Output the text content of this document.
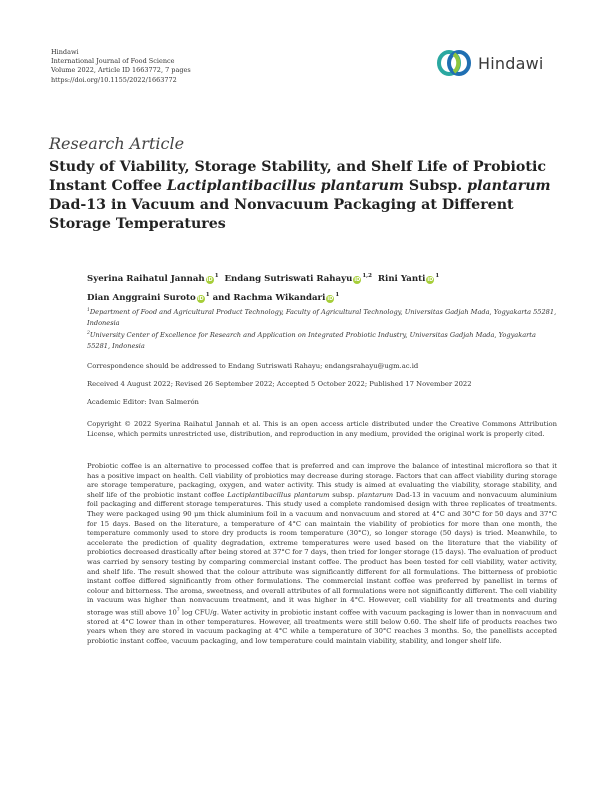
Hindawi
International Journal of Food Science
Volume 2022, Article ID 1663772, 7 pages
https://doi.org/10.1155/2022/1663772
Hindawi
Research Article
Study of Viability, Storage Stability, and Shelf Life of Probiotic Instant Coffee Lactiplantibacillus plantarum Subsp. plantarum Dad-13 in Vacuum and Nonvacuum Packaging at Different Storage Temperatures
Syerina Raihatul Jannah iD$^1$ Endang Sutriswati Rahayu iD$^{1,2}$ Rini Yanti iD$^1$
Dian Anggraini Suroto iD$^1$ and Rachma Wikandari iD$^1$
$^1$Department of Food and Agricultural Product Technology, Faculty of Agricultural Technology, Universitas Gadjah Mada, Yogyakarta 55281, Indonesia
$^2$University Center of Excellence for Research and Application on Integrated Probiotic Industry, Universitas Gadjah Mada, Yogyakarta 55281, Indonesia
Correspondence should be addressed to Endang Sutriswati Rahayu; endangsrahayu@ugm.ac.id
Received 4 August 2022; Revised 26 September 2022; Accepted 5 October 2022; Published 17 November 2022
Academic Editor: Ivan Salmerón
Copyright © 2022 Syerina Raihatul Jannah et al. This is an open access article distributed under the Creative Commons Attribution License, which permits unrestricted use, distribution, and reproduction in any medium, provided the original work is properly cited.
Probiotic coffee is an alternative to processed coffee that is preferred and can improve the balance of intestinal microflora so that it has a positive impact on health. Cell viability of probiotics may decrease during storage. Factors that can affect viability during storage are storage temperature, packaging, oxygen, and water activity. This study is aimed at evaluating the viability, storage stability, and shelf life of the probiotic instant coffee Lactiplantibacillus plantarum subsp. plantarum Dad-13 in vacuum and nonvacuum aluminium foil packaging and different storage temperatures. This study used a complete randomised design with three replicates of treatments. They were packaged using 90 μm thick aluminium foil in a vacuum and nonvacuum and stored at 4°C and 30°C for 50 days and 37°C for 15 days. Based on the literature, a temperature of 4°C can maintain the viability of probiotics for more than one month, the temperature commonly used to store dry products is room temperature (30°C), so longer storage (50 days) is tried. Meanwhile, to accelerate the prediction of quality degradation, extreme temperatures were used based on the literature that the viability of probiotics decreased drastically after being stored at 37°C for 7 days, then tried for longer storage (15 days). The evaluation of product was carried by sensory testing by comparing commercial instant coffee. The product has been tested for cell viability, water activity, and shelf life. The result showed that the colour attribute was significantly different for all formulations. The bitterness of probiotic instant coffee differed significantly from other formulations. The commercial instant coffee was preferred by panellist in terms of colour and bitterness. The aroma, sweetness, and overall attributes of all formulations were not significantly different. The cell viability in vacuum was higher than nonvacuum treatment, and it was higher in 4°C. However, cell viability for all treatments and during storage was still above $10^7$ log CFU/g. Water activity in probiotic instant coffee with vacuum packaging is lower than in nonvacuum and stored at 4°C lower than in other temperatures. However, all treatments were still below 0.60. The shelf life of products reaches two years when they are stored in vacuum packaging at 4°C while a temperature of 30°C reaches 3 months. So, the panellists accepted probiotic instant coffee, vacuum packaging, and low temperature could maintain viability, stability, and longer shelf life.
